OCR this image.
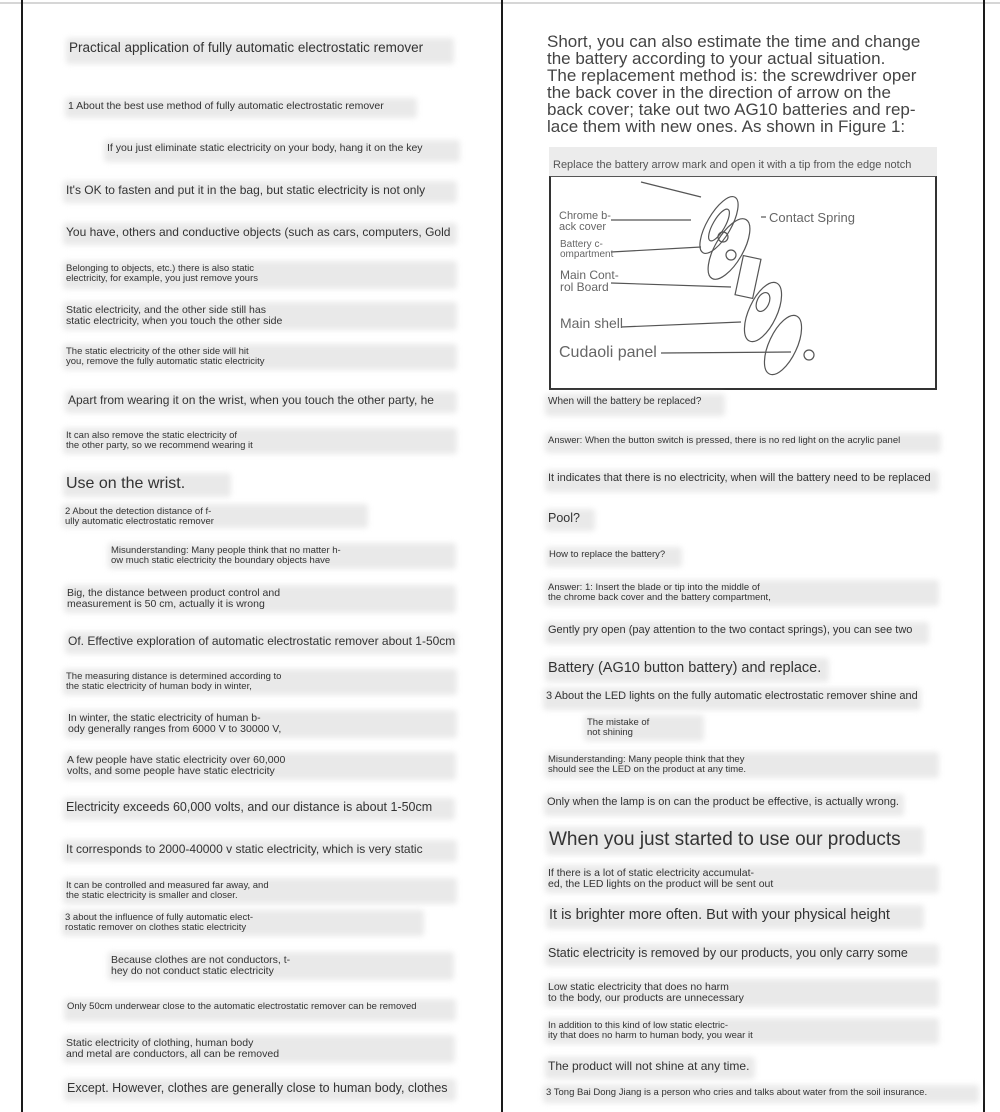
Practical application of fully automatic electrostatic remover
1 About the best use method of fully automatic electrostatic remover
If you just eliminate static electricity on your body, hang it on the key
It's OK to fasten and put it in the bag, but static electricity is not only
You have, others and conductive objects (such as cars, computers, Gold
Belonging to objects, etc.) there is also static
electricity, for example, you just remove yours
Static electricity, and the other side still has
static electricity, when you touch the other side
The static electricity of the other side will hit
you, remove the fully automatic static electricity
Apart from wearing it on the wrist, when you touch the other party, he
It can also remove the static electricity of
the other party, so we recommend wearing it
Use on the wrist.
2 About the detection distance of f-
ully automatic electrostatic remover
Misunderstanding: Many people think that no matter h-
ow much static electricity the boundary objects have
Big, the distance between product control and
measurement is 50 cm, actually it is wrong
Of. Effective exploration of automatic electrostatic remover about 1-50cm
The measuring distance is determined according to
the static electricity of human body in winter,
In winter, the static electricity of human b-
ody generally ranges from 6000 V to 30000 V,
A few people have static electricity over 60,000
volts, and some people have static electricity
Electricity exceeds 60,000 volts, and our distance is about 1-50cm
It corresponds to 2000-40000 v static electricity, which is very static
It can be controlled and measured far away, and
the static electricity is smaller and closer.
3 about the influence of fully automatic elect-
rostatic remover on clothes static electricity
Because clothes are not conductors, t-
hey do not conduct static electricity
Only 50cm underwear close to the automatic electrostatic remover can be removed
Static electricity of clothing, human body
and metal are conductors, all can be removed
Except. However, clothes are generally close to human body, clothes
Short, you can also estimate the time and change
the battery according to your actual situation.
The replacement method is: the screwdriver oper
the back cover in the direction of arrow on the
back cover; take out two AG10 batteries and rep-
lace them with new ones. As shown in Figure 1:
Replace the battery arrow mark and open it with a tip from the edge notch
Chrome b-
ack cover
Contact Spring
Battery c-
ompartment
Main Cont-
rol Board
Main shell
Cudaoli panel
When will the battery be replaced?
Answer: When the button switch is pressed, there is no red light on the acrylic panel
It indicates that there is no electricity, when will the battery need to be replaced
Pool?
How to replace the battery?
Answer: 1: Insert the blade or tip into the middle of
the chrome back cover and the battery compartment,
Gently pry open (pay attention to the two contact springs), you can see two
Battery (AG10 button battery) and replace.
3 About the LED lights on the fully automatic electrostatic remover shine and
The mistake of
not shining
Misunderstanding: Many people think that they
should see the LED on the product at any time.
Only when the lamp is on can the product be effective, is actually wrong.
When you just started to use our products
If there is a lot of static electricity accumulat-
ed, the LED lights on the product will be sent out
It is brighter more often. But with your physical height
Static electricity is removed by our products, you only carry some
Low static electricity that does no harm
to the body, our products are unnecessary
In addition to this kind of low static electric-
ity that does no harm to human body, you wear it
The product will not shine at any time.
3 Tong Bai Dong Jiang is a person who cries and talks about water from the soil insurance.
